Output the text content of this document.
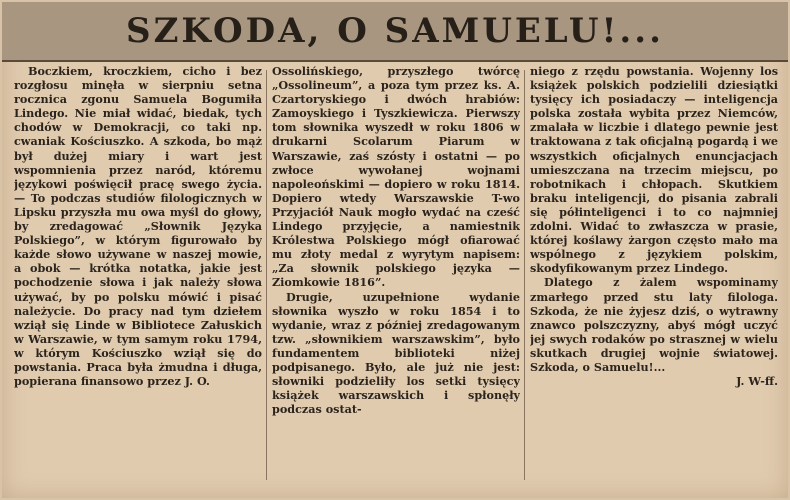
SZKODA, O SAMUELU!...

Boczkiem, kroczkiem, cicho i bez rozgłosu minęła w sierpniu setna rocznica zgonu Samuela Bogumiła Lindego. Nie miał widać, biedak, tych chodów w Demokracji, co taki np. cwaniak Kościuszko. A szkoda, bo mąż był dużej miary i wart jest wspomnienia przez naród, któremu językowi poświęcił pracę swego życia. — To podczas studiów filologicznych w Lipsku przyszła mu owa myśl do głowy, by zredagować „Słownik Języka Polskiego”, w którym figurowało by każde słowo używane w naszej mowie, a obok — krótka notatka, jakie jest pochodzenie słowa i jak należy słowa używać, by po polsku mówić i pisać należycie. Do pracy nad tym dziełem wziął się Linde w Bibliotece Załuskich w Warszawie, w tym samym roku 1794, w którym Kościuszko wziął się do powstania. Praca była żmudna i długa, popierana finansowo przez J. O.

Ossolińskiego, przyszłego twórcę „Ossolineum”, a poza tym przez ks. A. Czartoryskiego i dwóch hrabiów: Zamoyskiego i Tyszkiewicza. Pierwszy tom słownika wyszedł w roku 1806 w drukarni Scolarum Piarum w Warszawie, zaś szósty i ostatni — po zwłoce wywołanej wojnami napoleońskimi — dopiero w roku 1814. Dopiero wtedy Warszawskie T-wo Przyjaciół Nauk mogło wydać na cześć Lindego przyjęcie, a namiestnik Królestwa Polskiego mógł ofiarować mu złoty medal z wyrytym napisem: „Za słownik polskiego języka — Ziomkowie 1816”.

Drugie, uzupełnione wydanie słownika wyszło w roku 1854 i to wydanie, wraz z później zredagowanym tzw. „słownikiem warszawskim”, było fundamentem biblioteki niżej podpisanego. Było, ale już nie jest: słowniki podzieliły los setki tysięcy książek warszawskich i spłonęły podczas ostat-

niego z rzędu powstania. Wojenny los książek polskich podzielili dziesiątki tysięcy ich posiadaczy — inteligencja polska została wybita przez Niemców, zmalała w liczbie i dlatego pewnie jest traktowana z tak oficjalną pogardą i we wszystkich oficjalnych enuncjacjach umieszczana na trzecim miejscu, po robotnikach i chłopach. Skutkiem braku inteligencji, do pisania zabrali się półinteligenci i to co najmniej zdolni. Widać to zwłaszcza w prasie, której koślawy żargon często mało ma wspólnego z językiem polskim, skodyfikowanym przez Lindego.

Dlatego z żalem wspominamy zmarłego przed stu laty filologa. Szkoda, że nie żyjesz dziś, o wytrawny znawco polszczyzny, abyś mógł uczyć jej swych rodaków po strasznej w wielu skutkach drugiej wojnie światowej. Szkoda, o Samuelu!...

J. W-ff.
